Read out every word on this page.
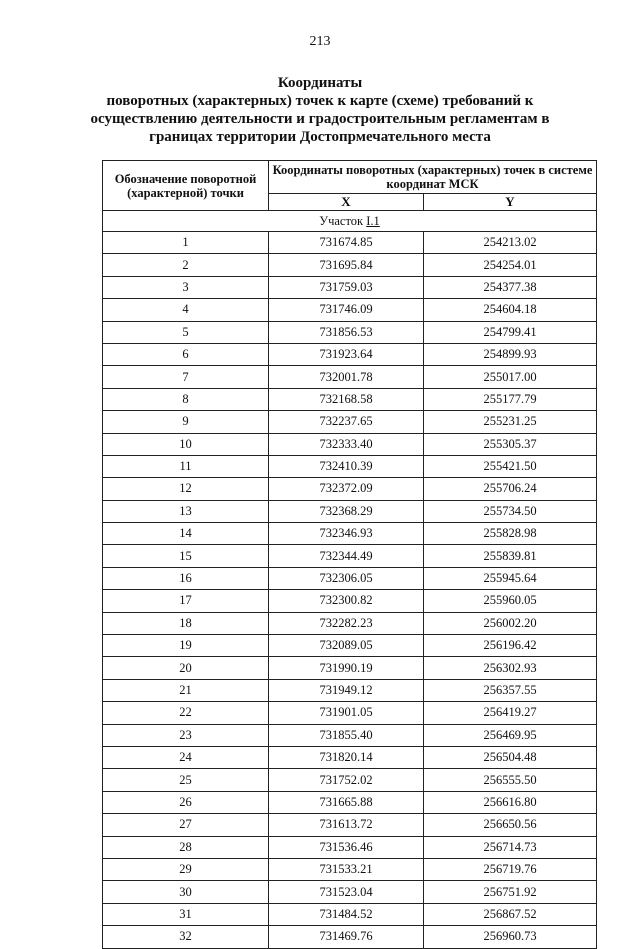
213
Координаты
поворотных (характерных) точек к карте (схеме) требований к
осуществлению деятельности и градостроительным регламентам в
границах территории Достопрмечательного места
Обозначение поворотной (характерной) точки	Координаты поворотных (характерных) точек в системе координат МСК	
	X	Y
Участок I.1		
1	731674.85	254213.02
2	731695.84	254254.01
3	731759.03	254377.38
4	731746.09	254604.18
5	731856.53	254799.41
6	731923.64	254899.93
7	732001.78	255017.00
8	732168.58	255177.79
9	732237.65	255231.25
10	732333.40	255305.37
11	732410.39	255421.50
12	732372.09	255706.24
13	732368.29	255734.50
14	732346.93	255828.98
15	732344.49	255839.81
16	732306.05	255945.64
17	732300.82	255960.05
18	732282.23	256002.20
19	732089.05	256196.42
20	731990.19	256302.93
21	731949.12	256357.55
22	731901.05	256419.27
23	731855.40	256469.95
24	731820.14	256504.48
25	731752.02	256555.50
26	731665.88	256616.80
27	731613.72	256650.56
28	731536.46	256714.73
29	731533.21	256719.76
30	731523.04	256751.92
31	731484.52	256867.52
32	731469.76	256960.73
